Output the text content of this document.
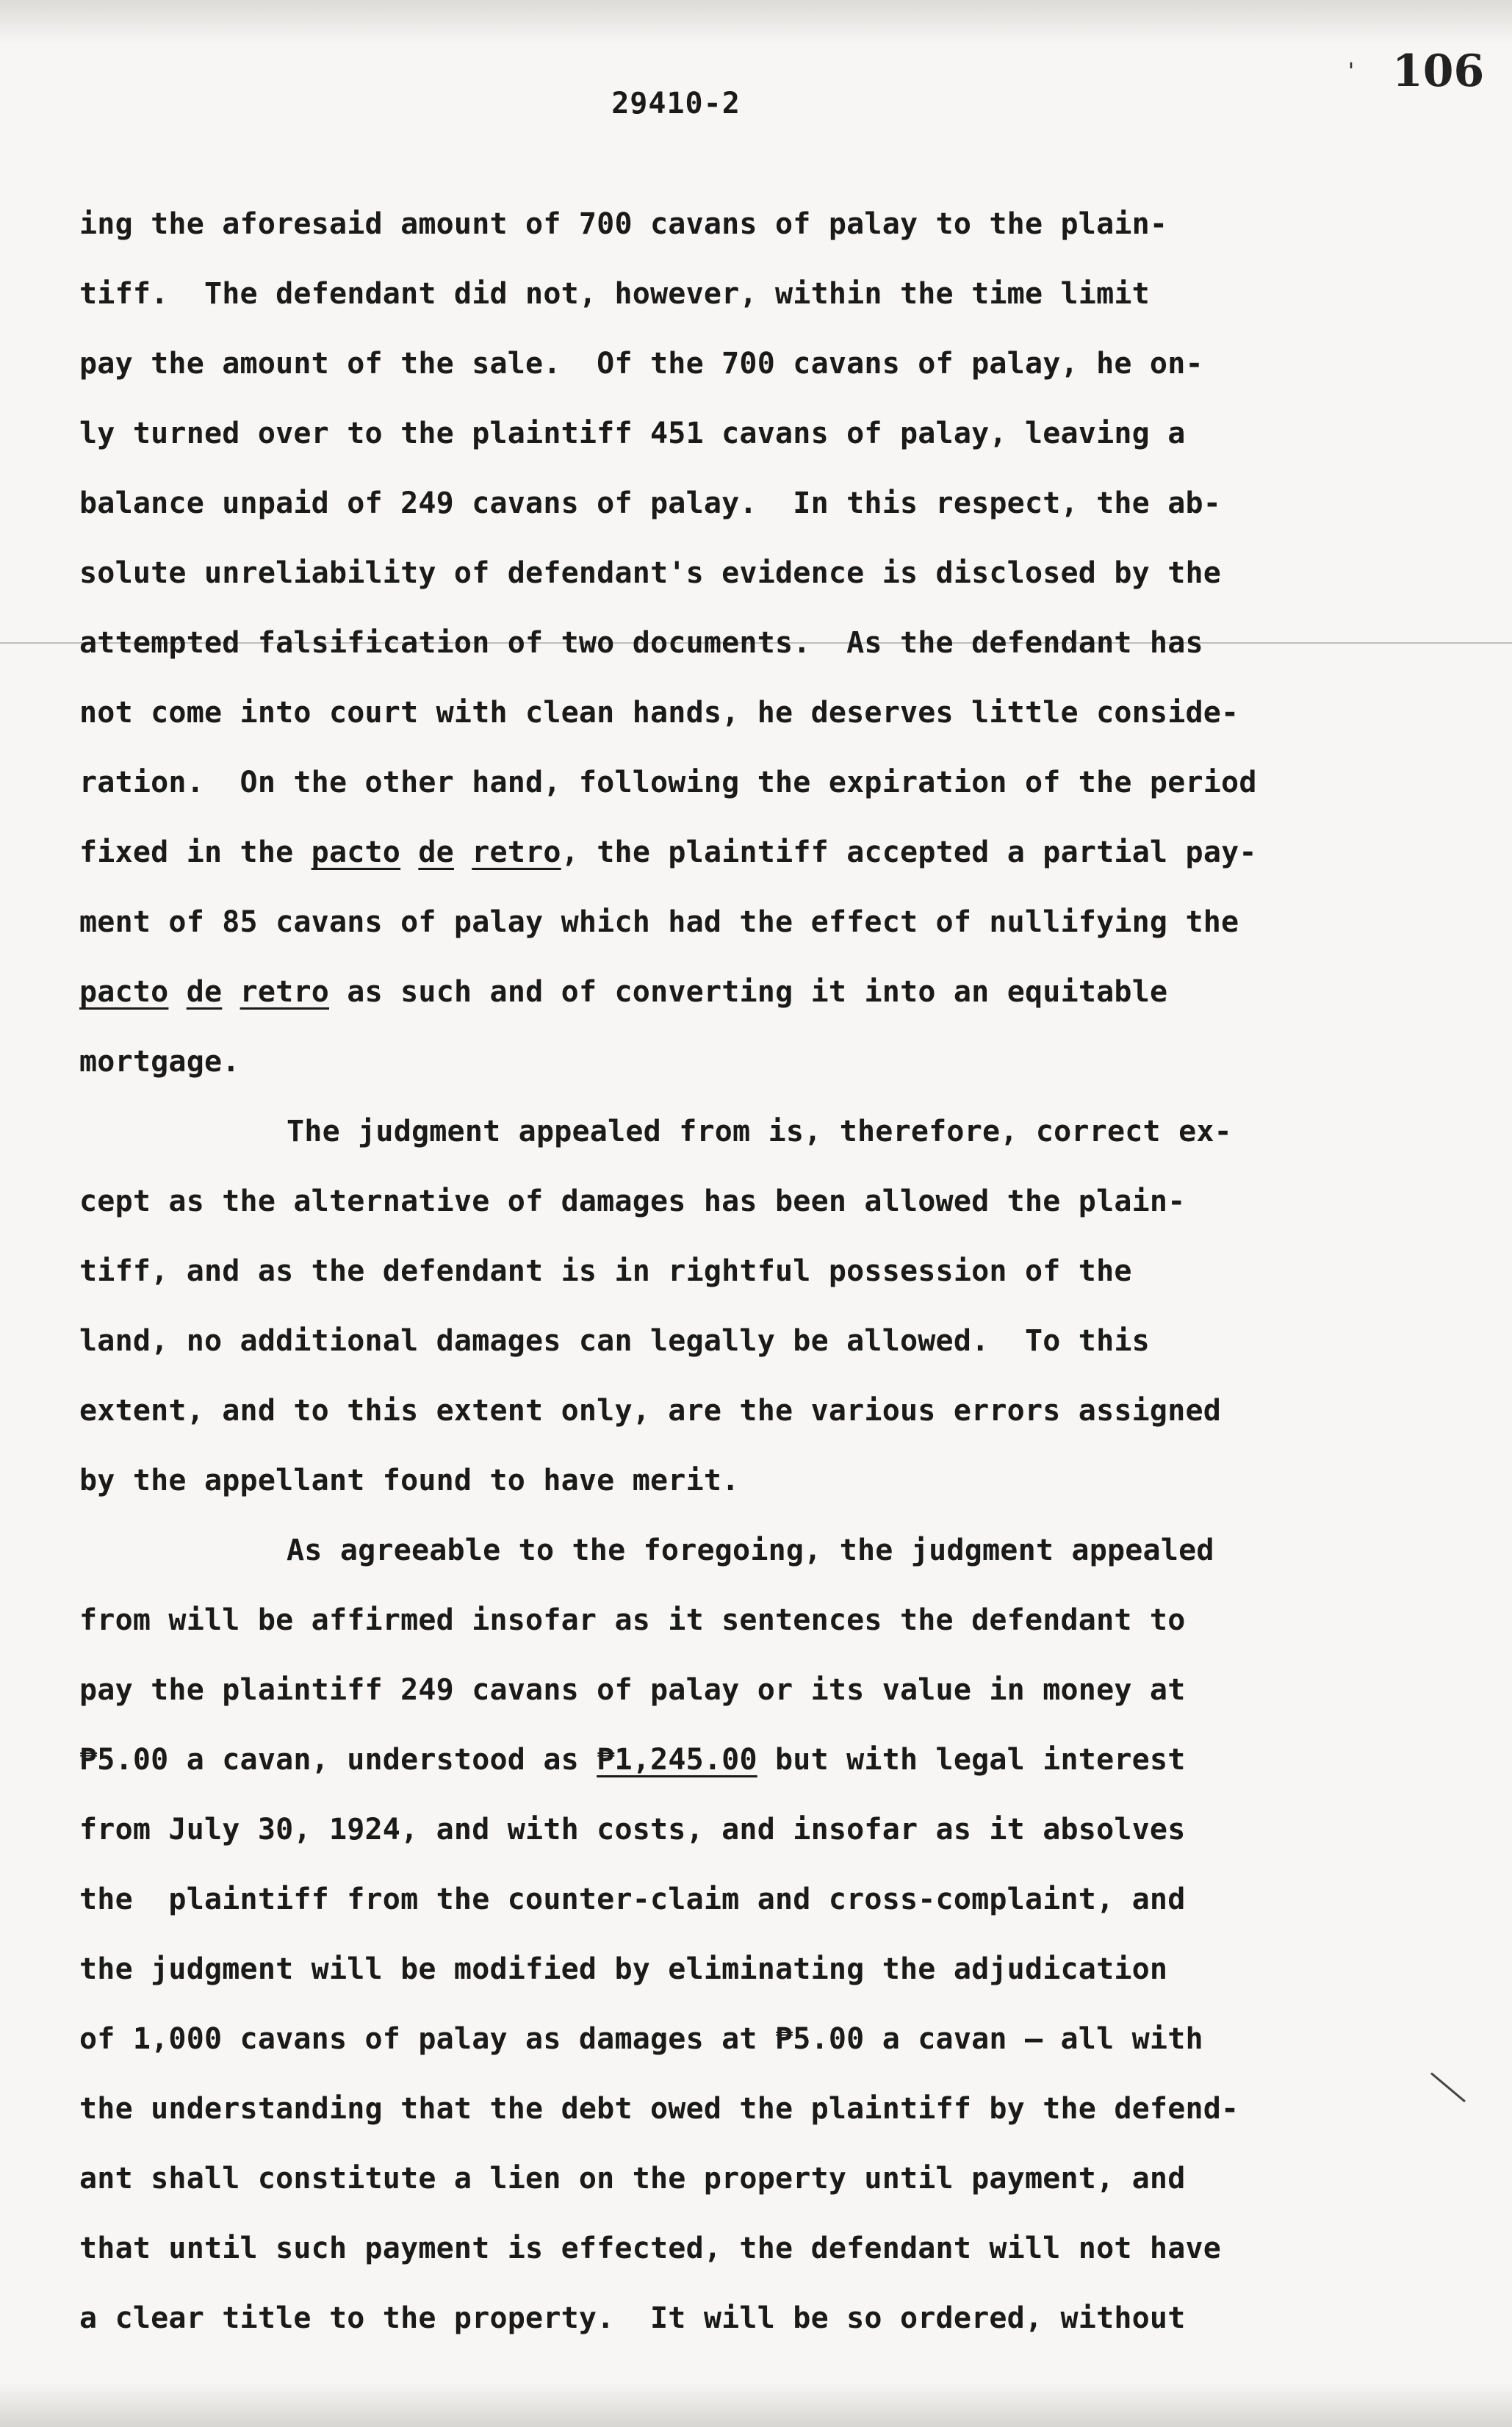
' 106
29410-2
ing the aforesaid amount of 700 cavans of palay to the plain-
tiff.  The defendant did not, however, within the time limit
pay the amount of the sale.  Of the 700 cavans of palay, he on-
ly turned over to the plaintiff 451 cavans of palay, leaving a
balance unpaid of 249 cavans of palay.  In this respect, the ab-
solute unreliability of defendant's evidence is disclosed by the
attempted falsification of two documents.  As the defendant has
not come into court with clean hands, he deserves little conside-
ration.  On the other hand, following the expiration of the period
fixed in the pacto de retro, the plaintiff accepted a partial pay-
ment of 85 cavans of palay which had the effect of nullifying the
pacto de retro as such and of converting it into an equitable
mortgage.
The judgment appealed from is, therefore, correct ex-
cept as the alternative of damages has been allowed the plain-
tiff, and as the defendant is in rightful possession of the
land, no additional damages can legally be allowed.  To this
extent, and to this extent only, are the various errors assigned
by the appellant found to have merit.
As agreeable to the foregoing, the judgment appealed
from will be affirmed insofar as it sentences the defendant to
pay the plaintiff 249 cavans of palay or its value in money at
₱5.00 a cavan, understood as ₱1,245.00 but with legal interest
from July 30, 1924, and with costs, and insofar as it absolves
the  plaintiff from the counter-claim and cross-complaint, and
the judgment will be modified by eliminating the adjudication
of 1,000 cavans of palay as damages at ₱5.00 a cavan — all with
the understanding that the debt owed the plaintiff by the defend-
ant shall constitute a lien on the property until payment, and
that until such payment is effected, the defendant will not have
a clear title to the property.  It will be so ordered, without
